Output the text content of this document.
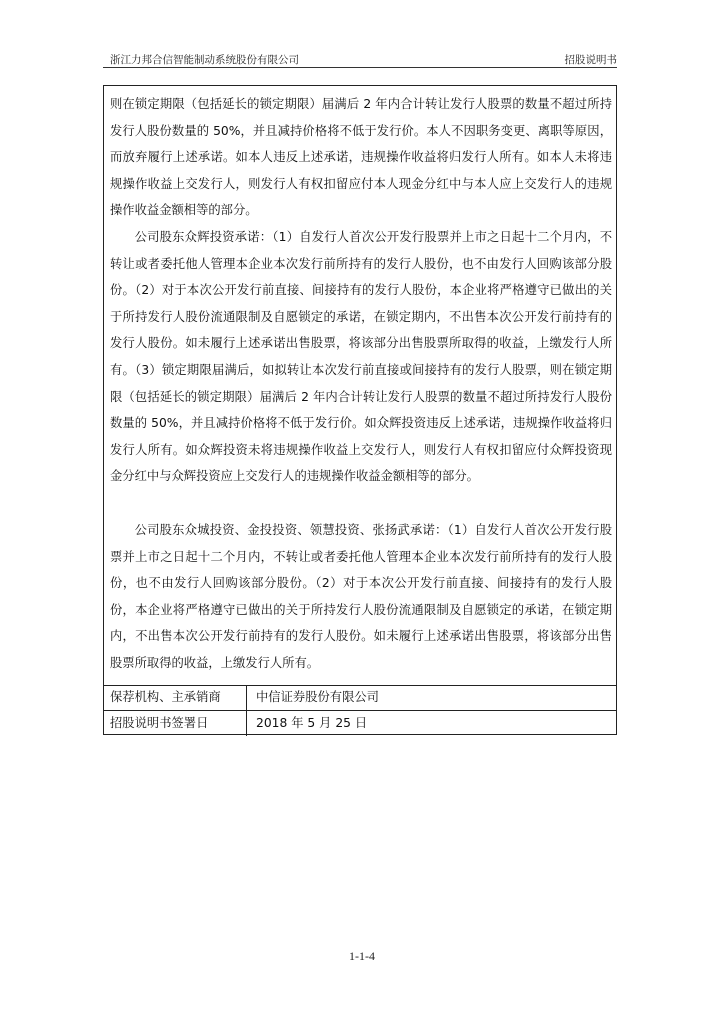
浙江力邦合信智能制动系统股份有限公司	招股说明书

则在锁定期限（包括延长的锁定期限）届满后 2 年内合计转让发行人股票的数量不超过所持发行人股份数量的 50%，并且减持价格将不低于发行价。本人不因职务变更、离职等原因，而放弃履行上述承诺。如本人违反上述承诺，违规操作收益将归发行人所有。如本人未将违规操作收益上交发行人，则发行人有权扣留应付本人现金分红中与本人应上交发行人的违规操作收益金额相等的部分。

公司股东众辉投资承诺：（1）自发行人首次公开发行股票并上市之日起十二个月内，不转让或者委托他人管理本企业本次发行前所持有的发行人股份，也不由发行人回购该部分股份。（2）对于本次公开发行前直接、间接持有的发行人股份，本企业将严格遵守已做出的关于所持发行人股份流通限制及自愿锁定的承诺，在锁定期内，不出售本次公开发行前持有的发行人股份。如未履行上述承诺出售股票，将该部分出售股票所取得的收益，上缴发行人所有。（3）锁定期限届满后，如拟转让本次发行前直接或间接持有的发行人股票，则在锁定期限（包括延长的锁定期限）届满后 2 年内合计转让发行人股票的数量不超过所持发行人股份数量的 50%，并且减持价格将不低于发行价。如众辉投资违反上述承诺，违规操作收益将归发行人所有。如众辉投资未将违规操作收益上交发行人，则发行人有权扣留应付众辉投资现金分红中与众辉投资应上交发行人的违规操作收益金额相等的部分。

公司股东众城投资、金投投资、领慧投资、张扬武承诺：（1）自发行人首次公开发行股票并上市之日起十二个月内，不转让或者委托他人管理本企业本次发行前所持有的发行人股份，也不由发行人回购该部分股份。（2）对于本次公开发行前直接、间接持有的发行人股份，本企业将严格遵守已做出的关于所持发行人股份流通限制及自愿锁定的承诺，在锁定期内，不出售本次公开发行前持有的发行人股份。如未履行上述承诺出售股票，将该部分出售股票所取得的收益，上缴发行人所有。

保荐机构、主承销商	中信证券股份有限公司
招股说明书签署日	2018 年 5 月 25 日
1-1-4
